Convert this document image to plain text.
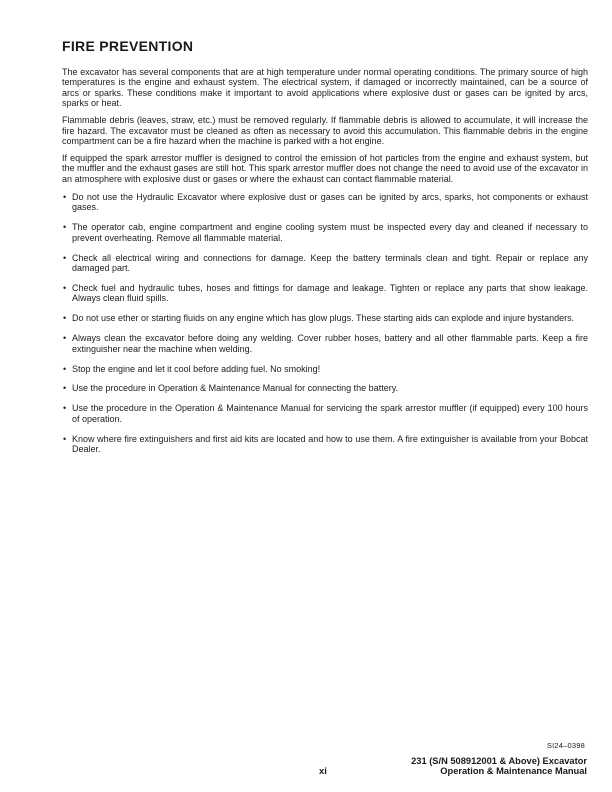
FIRE PREVENTION

The excavator has several components that are at high temperature under normal operating conditions. The primary source of high temperatures is the engine and exhaust system. The electrical system, if damaged or incorrectly maintained, can be a source of arcs or sparks. These conditions make it important to avoid applications where explosive dust or gases can be ignited by arcs, sparks or heat.

Flammable debris (leaves, straw, etc.) must be removed regularly. If flammable debris is allowed to accumulate, it will increase the fire hazard. The excavator must be cleaned as often as necessary to avoid this accumulation. This flammable debris in the engine compartment can be a fire hazard when the machine is parked with a hot engine.

If equipped the spark arrestor muffler is designed to control the emission of hot particles from the engine and exhaust system, but the muffler and the exhaust gases are still hot. This spark arrestor muffler does not change the need to avoid use of the excavator in an atmosphere with explosive dust or gases or where the exhaust can contact flammable material.

• Do not use the Hydraulic Excavator where explosive dust or gases can be ignited by arcs, sparks, hot components or exhaust gases.
• The operator cab, engine compartment and engine cooling system must be inspected every day and cleaned if necessary to prevent overheating. Remove all flammable material.
• Check all electrical wiring and connections for damage. Keep the battery terminals clean and tight. Repair or replace any damaged part.
• Check fuel and hydraulic tubes, hoses and fittings for damage and leakage. Tighten or replace any parts that show leakage. Always clean fluid spills.
• Do not use ether or starting fluids on any engine which has glow plugs. These starting aids can explode and injure bystanders.
• Always clean the excavator before doing any welding. Cover rubber hoses, battery and all other flammable parts. Keep a fire extinguisher near the machine when welding.
• Stop the engine and let it cool before adding fuel. No smoking!
• Use the procedure in Operation & Maintenance Manual for connecting the battery.
• Use the procedure in the Operation & Maintenance Manual for servicing the spark arrestor muffler (if equipped) every 100 hours of operation.
• Know where fire extinguishers and first aid kits are located and how to use them. A fire extinguisher is available from your Bobcat Dealer.
SI24–0398
xi
231 (S/N 508912001 & Above) Excavator
Operation & Maintenance Manual
